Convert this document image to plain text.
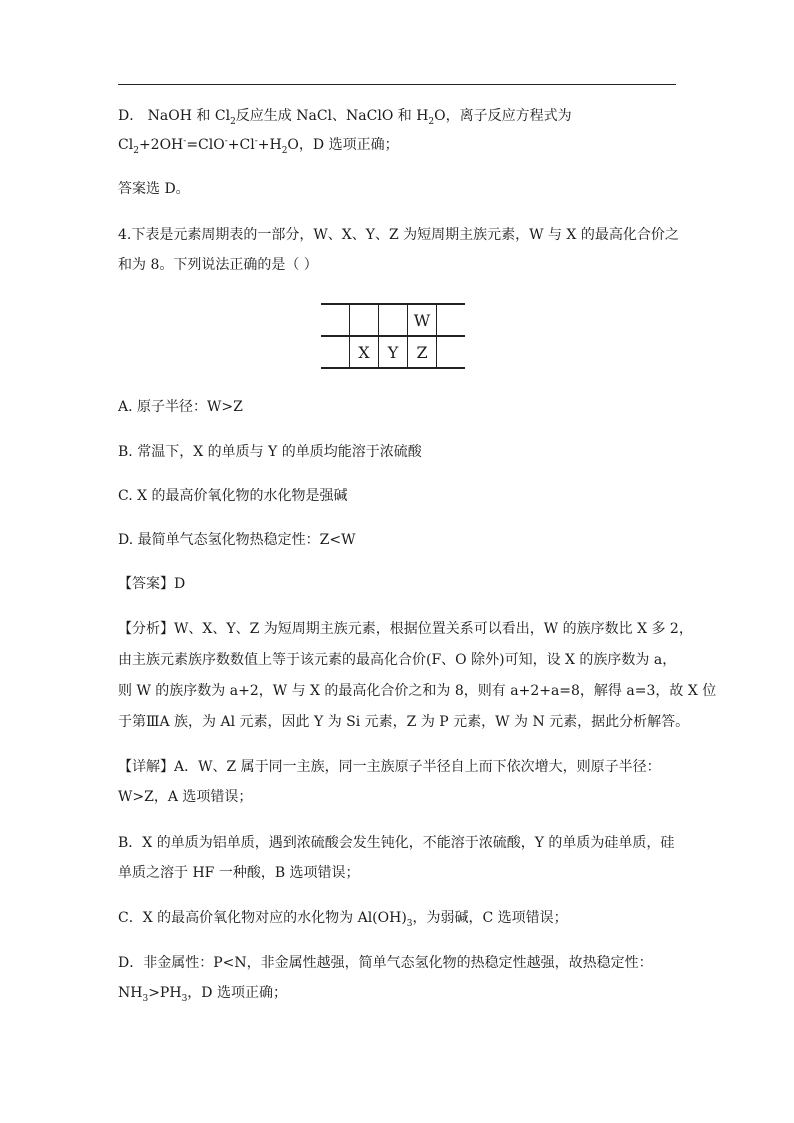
D． NaOH 和 $Cl_2$反应生成 NaCl、NaClO 和 $H_2O$，离子反应方程式为
$Cl_2+2OH^-=ClO^-+Cl^-+H_2O$，D 选项正确；
答案选 D。
4.下表是元素周期表的一部分，W、X、Y、Z 为短周期主族元素，W 与 X 的最高化合价之
和为 8。下列说法正确的是（ ）
			W	
	X	Y	Z	
A. 原子半径：W>Z
B. 常温下，X 的单质与 Y 的单质均能溶于浓硫酸
C. X 的最高价氧化物的水化物是强碱
D. 最简单气态氢化物热稳定性：Z<W
【答案】D
【分析】W、X、Y、Z 为短周期主族元素，根据位置关系可以看出，W 的族序数比 X 多 2，
由主族元素族序数数值上等于该元素的最高化合价(F、O 除外)可知，设 X 的族序数为 a，
则 W 的族序数为 a+2，W 与 X 的最高化合价之和为 8，则有 a+2+a=8，解得 a=3，故 X 位
于第ⅢA 族，为 Al 元素，因此 Y 为 Si 元素，Z 为 P 元素，W 为 N 元素，据此分析解答。
【详解】A．W、Z 属于同一主族，同一主族原子半径自上而下依次增大，则原子半径：
W>Z，A 选项错误；
B．X 的单质为铝单质，遇到浓硫酸会发生钝化，不能溶于浓硫酸，Y 的单质为硅单质，硅
单质之溶于 HF 一种酸，B 选项错误；
C．X 的最高价氧化物对应的水化物为 $Al(OH)_3$，为弱碱，C 选项错误；
D．非金属性：P<N，非金属性越强，简单气态氢化物的热稳定性越强，故热稳定性：
$NH_3>PH_3$，D 选项正确；
